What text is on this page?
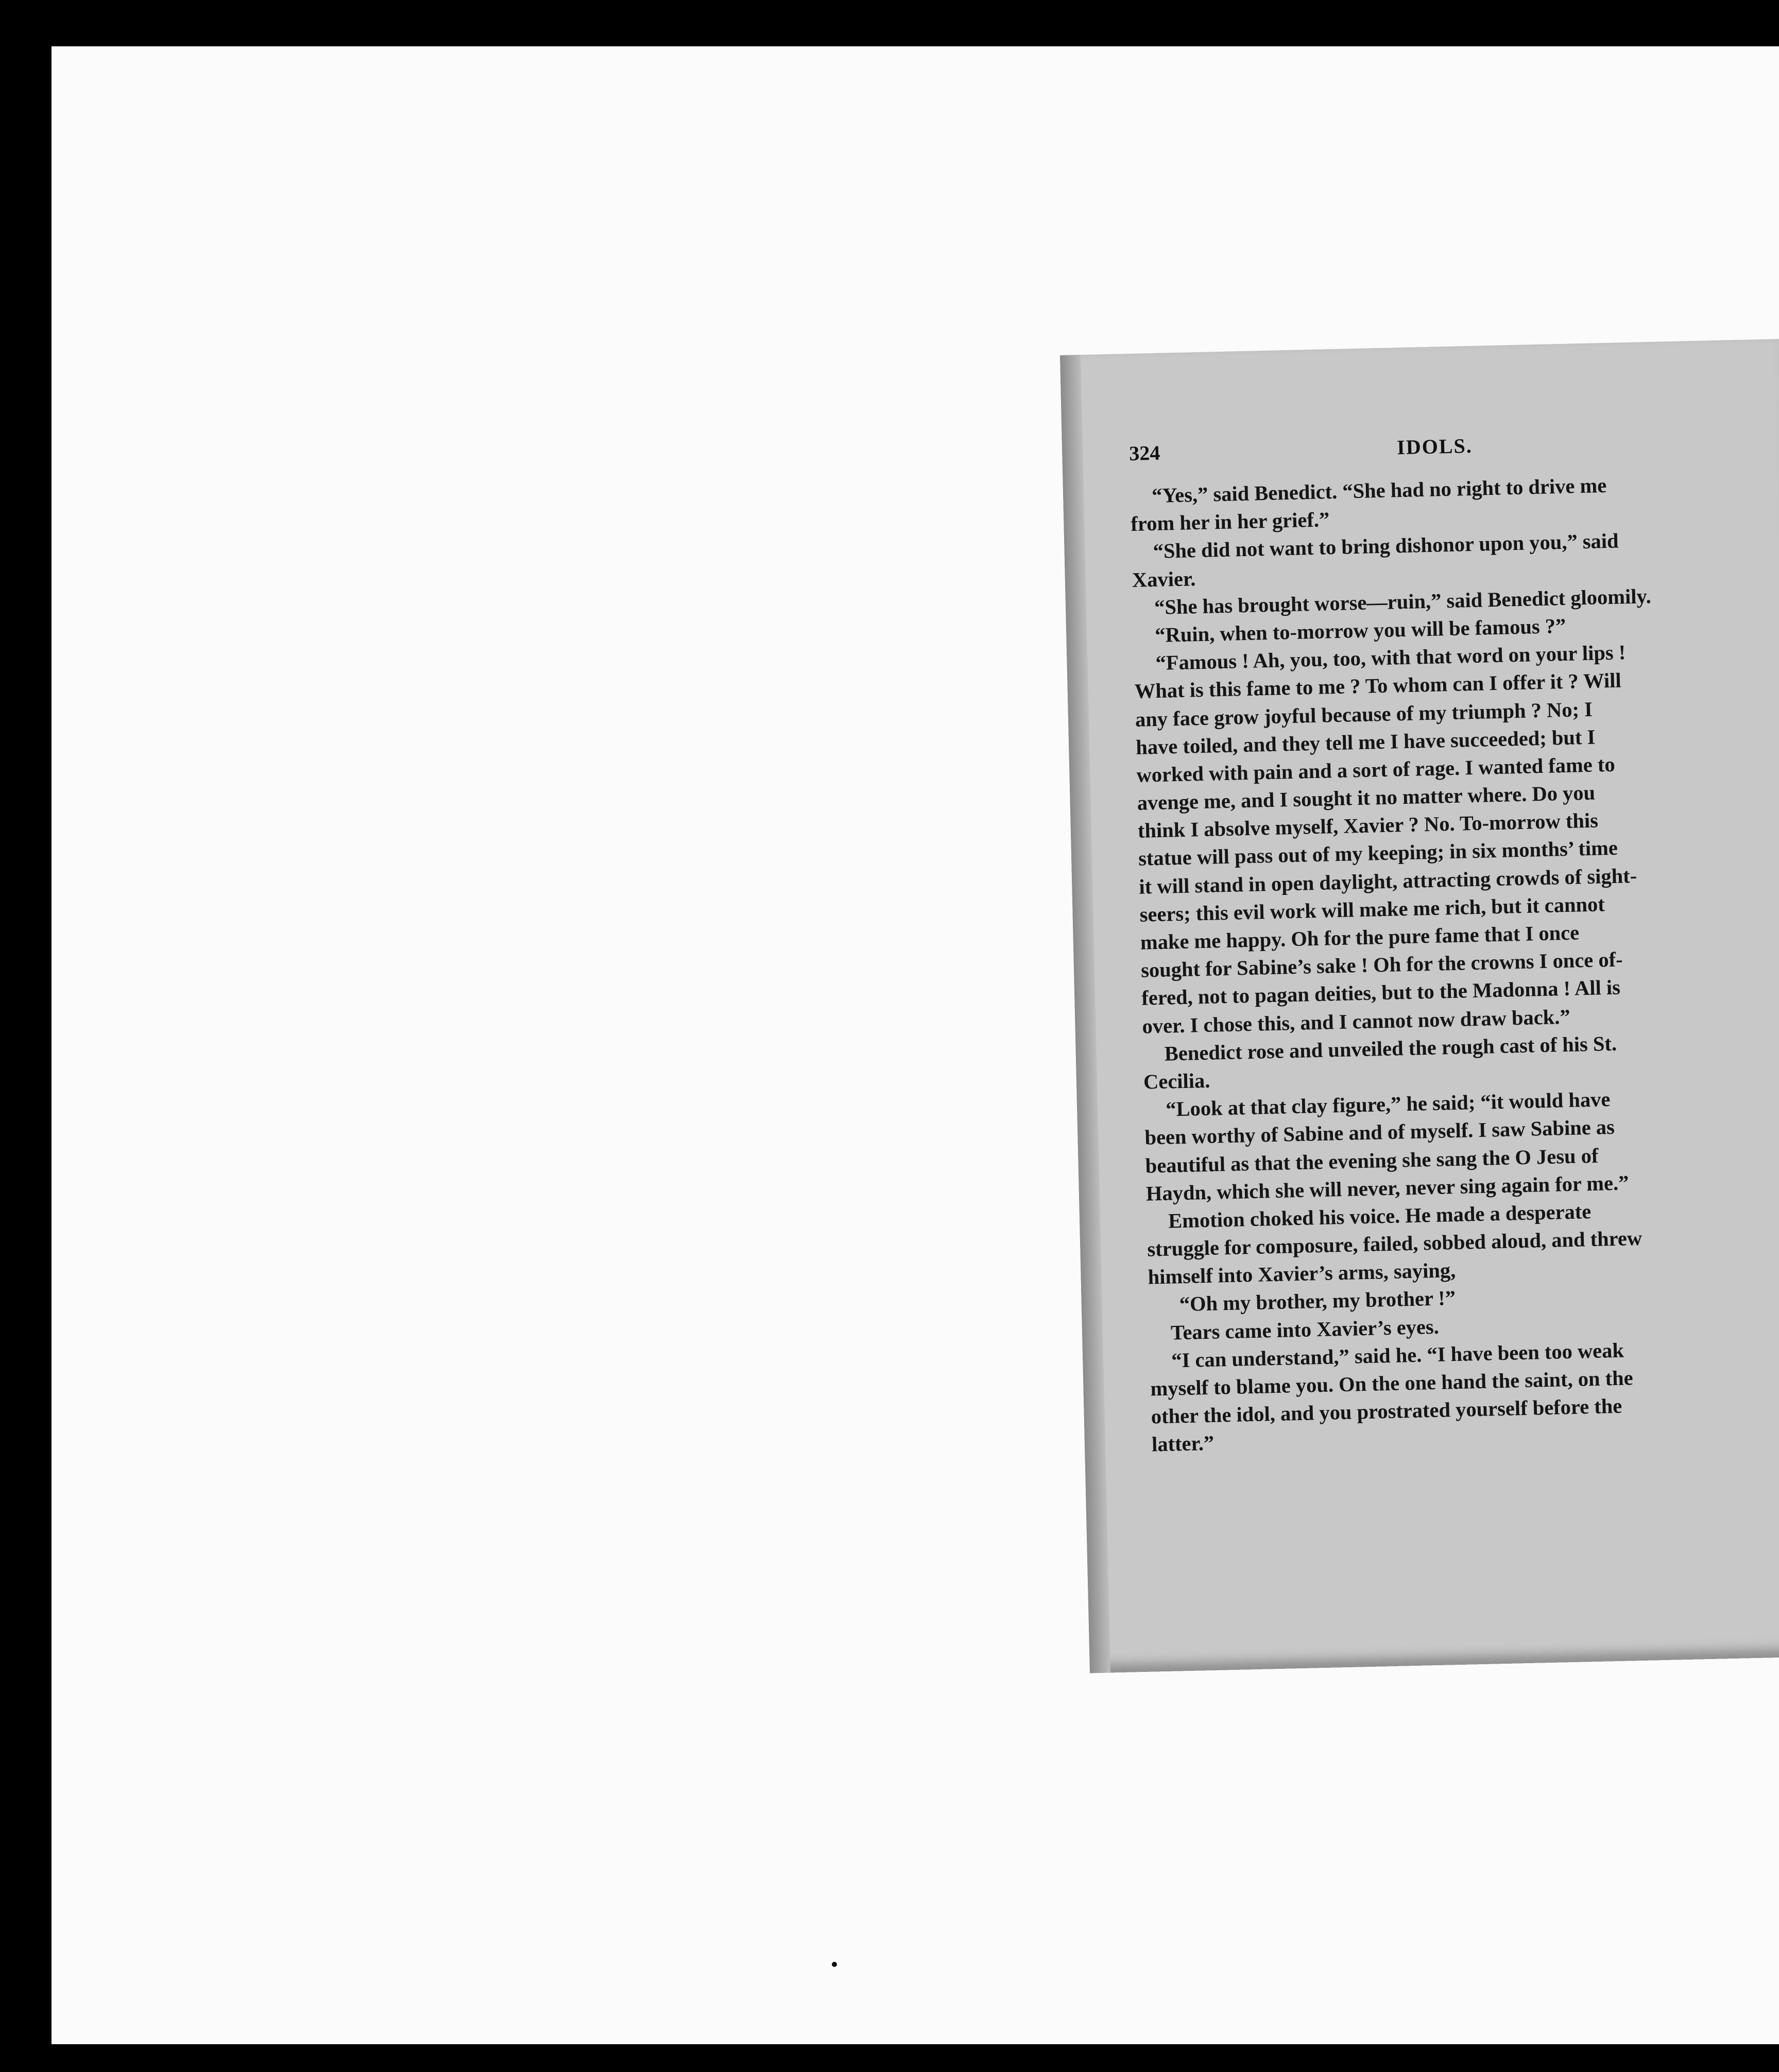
324	IDOLS.
“Yes,” said Benedict. “She had no right to drive me
from her in her grief.”
“She did not want to bring dishonor upon you,” said
Xavier.
“She has brought worse—ruin,” said Benedict gloomily.
“Ruin, when to-morrow you will be famous ?”
“Famous ! Ah, you, too, with that word on your lips !
What is this fame to me ? To whom can I offer it ? Will
any face grow joyful because of my triumph ? No; I
have toiled, and they tell me I have succeeded; but I
worked with pain and a sort of rage. I wanted fame to
avenge me, and I sought it no matter where. Do you
think I absolve myself, Xavier ? No. To-morrow this
statue will pass out of my keeping; in six months’ time
it will stand in open daylight, attracting crowds of sight-
seers; this evil work will make me rich, but it cannot
make me happy. Oh for the pure fame that I once
sought for Sabine’s sake ! Oh for the crowns I once of-
fered, not to pagan deities, but to the Madonna ! All is
over. I chose this, and I cannot now draw back.”
Benedict rose and unveiled the rough cast of his St.
Cecilia.
“Look at that clay figure,” he said; “it would have
been worthy of Sabine and of myself. I saw Sabine as
beautiful as that the evening she sang the O Jesu of
Haydn, which she will never, never sing again for me.”
Emotion choked his voice. He made a desperate
struggle for composure, failed, sobbed aloud, and threw
himself into Xavier’s arms, saying,
“Oh my brother, my brother !”
Tears came into Xavier’s eyes.
“I can understand,” said he. “I have been too weak
myself to blame you. On the one hand the saint, on the
other the idol, and you prostrated yourself before the
latter.”
